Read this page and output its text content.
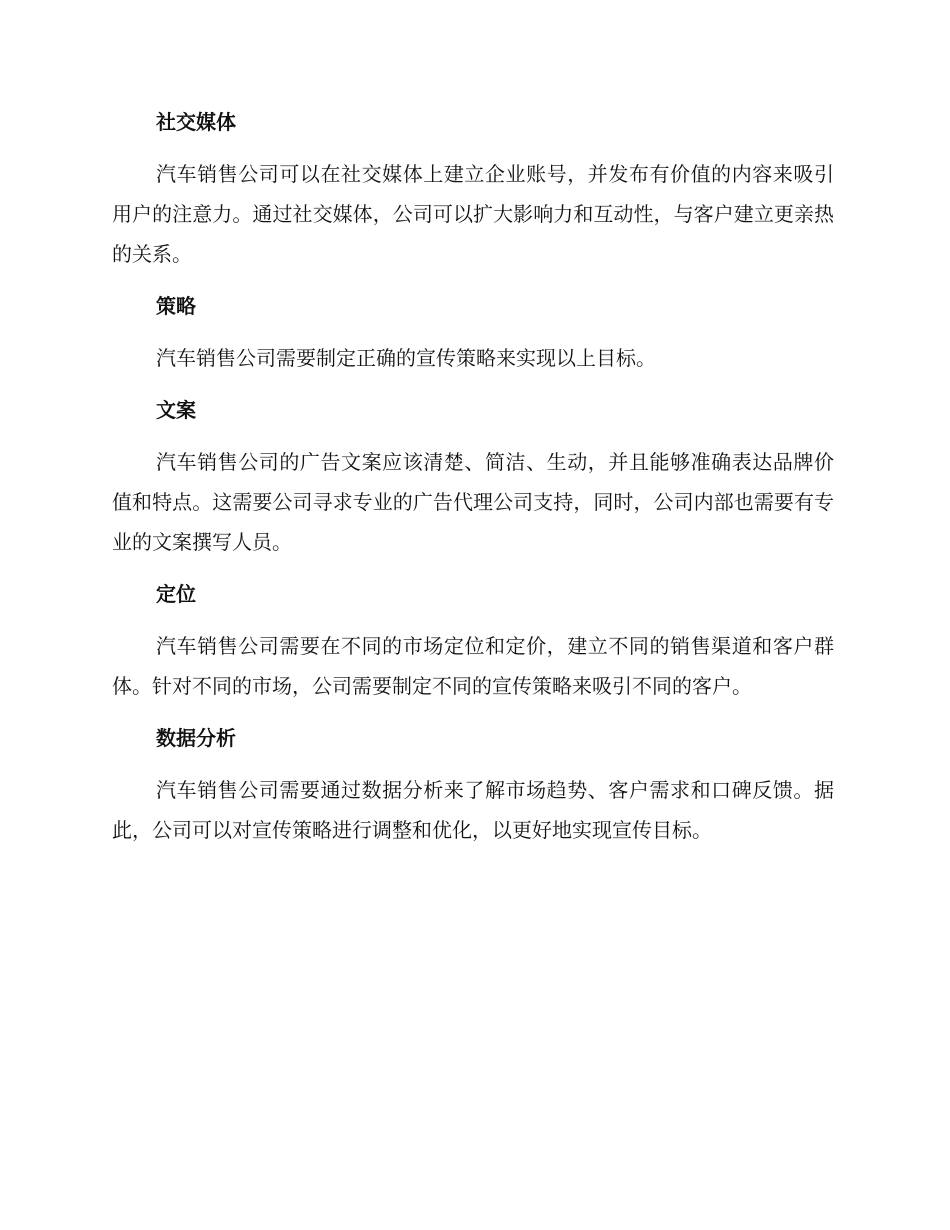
社交媒体

汽车销售公司可以在社交媒体上建立企业账号，并发布有价值的内容来吸引用户的注意力。通过社交媒体，公司可以扩大影响力和互动性，与客户建立更亲热的关系。

策略

汽车销售公司需要制定正确的宣传策略来实现以上目标。

文案

汽车销售公司的广告文案应该清楚、简洁、生动，并且能够准确表达品牌价值和特点。这需要公司寻求专业的广告代理公司支持，同时，公司内部也需要有专业的文案撰写人员。

定位

汽车销售公司需要在不同的市场定位和定价，建立不同的销售渠道和客户群体。针对不同的市场，公司需要制定不同的宣传策略来吸引不同的客户。

数据分析

汽车销售公司需要通过数据分析来了解市场趋势、客户需求和口碑反馈。据此，公司可以对宣传策略进行调整和优化，以更好地实现宣传目标。
